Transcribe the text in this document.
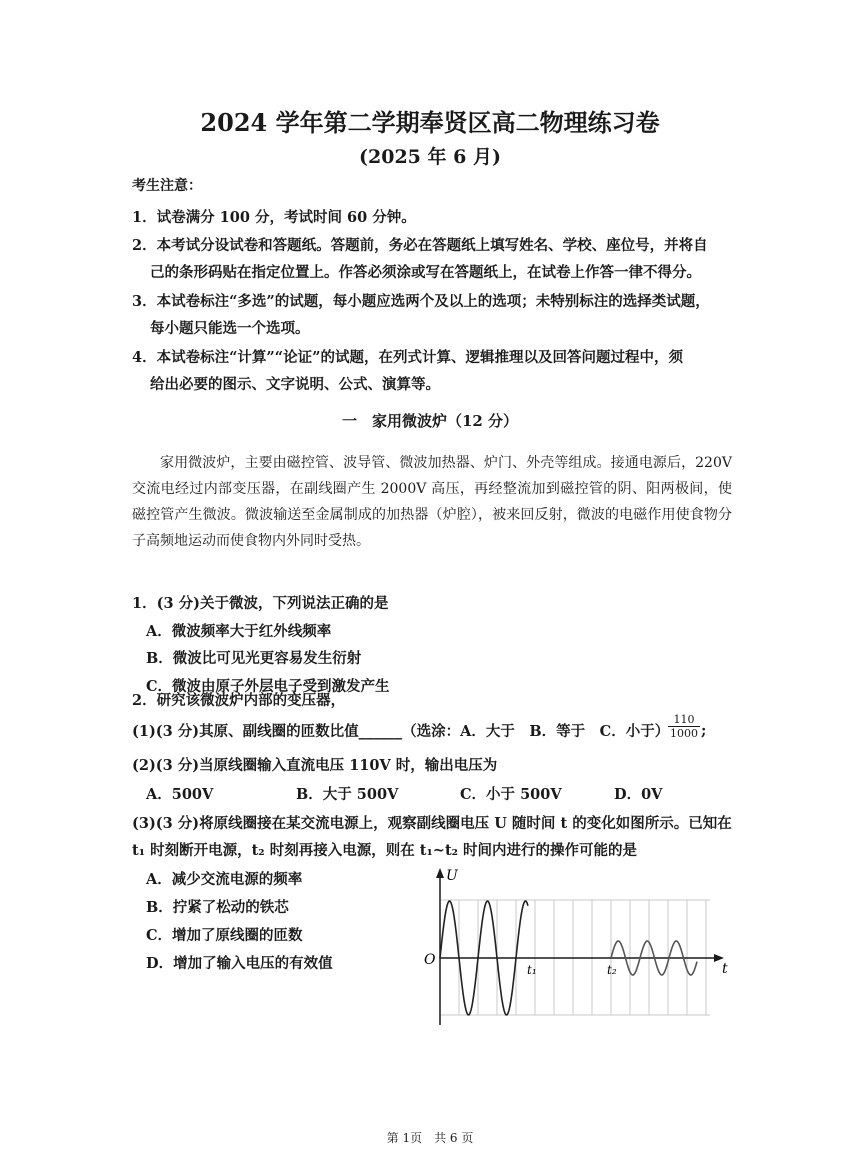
2024 学年第二学期奉贤区高二物理练习卷
(2025 年 6 月)
考生注意：
1．试卷满分 100 分，考试时间 60 分钟。
2．本考试分设试卷和答题纸。答题前，务必在答题纸上填写姓名、学校、座位号，并将自
己的条形码贴在指定位置上。作答必须涂或写在答题纸上，在试卷上作答一律不得分。
3．本试卷标注“多选”的试题，每小题应选两个及以上的选项；未特别标注的选择类试题，
每小题只能选一个选项。
4．本试卷标注“计算”“论证”的试题，在列式计算、逻辑推理以及回答问题过程中，须
给出必要的图示、文字说明、公式、演算等。
一　家用微波炉（12 分）
家用微波炉，主要由磁控管、波导管、微波加热器、炉门、外壳等组成。接通电源后，220V 交流电经过内部变压器，在副线圈产生 2000V 高压，再经整流加到磁控管的阴、阳两极间，使磁控管产生微波。微波输送至金属制成的加热器（炉腔），被来回反射，微波的电磁作用使食物分子高频地运动而使食物内外同时受热。
1．(3 分)关于微波，下列说法正确的是
A．微波频率大于红外线频率
B．微波比可见光更容易发生衍射
C．微波由原子外层电子受到激发产生
2．研究该微波炉内部的变压器，
(1)(3 分)其原、副线圈的匝数比值______（选涂：A．大于　B．等于　C．小于）
$\frac{110}{1000}$ ;
(2)(3 分)当原线圈输入直流电压 110V 时，输出电压为
A．500V	B．大于 500V	C．小于 500V	D．0V
(3)(3 分)将原线圈接在某交流电源上，观察副线圈电压 U 随时间 t 的变化如图所示。已知在
t₁ 时刻断开电源，t₂ 时刻再接入电源，则在 t₁~t₂ 时间内进行的操作可能的是
A．减少交流电源的频率
B．拧紧了松动的铁芯
C．增加了原线圈的匝数
D．增加了输入电压的有效值
U
t
O
t₁	t₂
第 1页　共 6 页
